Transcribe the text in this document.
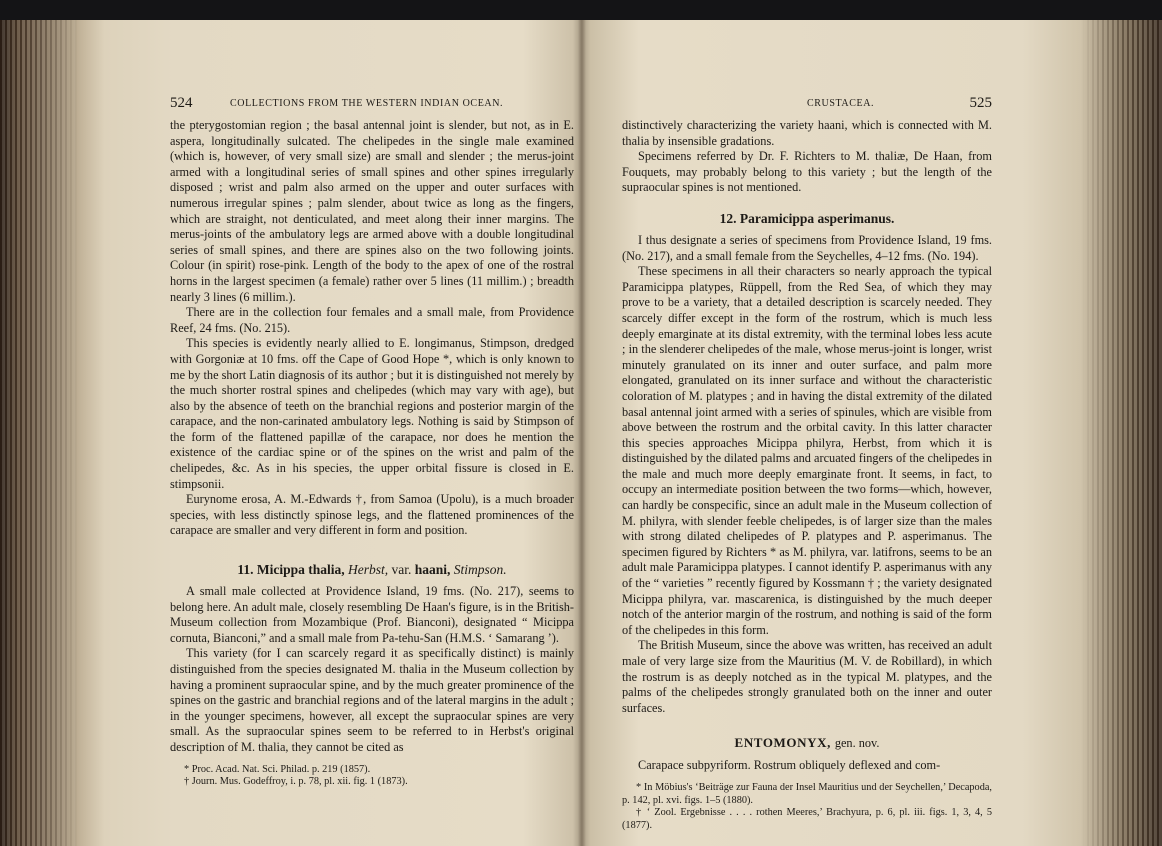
524	COLLECTIONS FROM THE WESTERN INDIAN OCEAN.

the pterygostomian region ; the basal antennal joint is slender, but not, as in E. aspera, longitudinally sulcated. The chelipedes in the single male examined (which is, however, of very small size) are small and slender ; the merus-joint armed with a longitudinal series of small spines and other spines irregularly disposed ; wrist and palm also armed on the upper and outer surfaces with numerous irregular spines ; palm slender, about twice as long as the fingers, which are straight, not denticulated, and meet along their inner margins. The merus-joints of the ambulatory legs are armed above with a double longitudinal series of small spines, and there are spines also on the two following joints. Colour (in spirit) rose-pink. Length of the body to the apex of one of the rostral horns in the largest specimen (a female) rather over 5 lines (11 millim.) ; breadth nearly 3 lines (6 millim.).

There are in the collection four females and a small male, from Providence Reef, 24 fms. (No. 215).

This species is evidently nearly allied to E. longimanus, Stimpson, dredged with Gorgoniæ at 10 fms. off the Cape of Good Hope *, which is only known to me by the short Latin diagnosis of its author ; but it is distinguished not merely by the much shorter rostral spines and chelipedes (which may vary with age), but also by the absence of teeth on the branchial regions and posterior margin of the carapace, and the non-carinated ambulatory legs. Nothing is said by Stimpson of the form of the flattened papillæ of the carapace, nor does he mention the existence of the cardiac spine or of the spines on the wrist and palm of the chelipedes, &c. As in his species, the upper orbital fissure is closed in E. stimpsonii.

Eurynome erosa, A. M.-Edwards †, from Samoa (Upolu), is a much broader species, with less distinctly spinose legs, and the flattened prominences of the carapace are smaller and very different in form and position.

11. Micippa thalia, Herbst, var. haani, Stimpson.

A small male collected at Providence Island, 19 fms. (No. 217), seems to belong here. An adult male, closely resembling De Haan's figure, is in the British-Museum collection from Mozambique (Prof. Bianconi), designated “ Micippa cornuta, Bianconi,” and a small male from Pa-tehu-San (H.M.S. ‘ Samarang ’).

This variety (for I can scarcely regard it as specifically distinct) is mainly distinguished from the species designated M. thalia in the Museum collection by having a prominent supraocular spine, and by the much greater prominence of the spines on the gastric and branchial regions and of the lateral margins in the adult ; in the younger specimens, however, all except the supraocular spines are very small. As the supraocular spines seem to be referred to in Herbst's original description of M. thalia, they cannot be cited as

* Proc. Acad. Nat. Sci. Philad. p. 219 (1857).

† Journ. Mus. Godeffroy, i. p. 78, pl. xii. fig. 1 (1873).

CRUSTACEA.	525

distinctively characterizing the variety haani, which is connected with M. thalia by insensible gradations.

Specimens referred by Dr. F. Richters to M. thaliæ, De Haan, from Fouquets, may probably belong to this variety ; but the length of the supraocular spines is not mentioned.

12. Paramicippa asperimanus.

I thus designate a series of specimens from Providence Island, 19 fms. (No. 217), and a small female from the Seychelles, 4–12 fms. (No. 194).

These specimens in all their characters so nearly approach the typical Paramicippa platypes, Rüppell, from the Red Sea, of which they may prove to be a variety, that a detailed description is scarcely needed. They scarcely differ except in the form of the rostrum, which is much less deeply emarginate at its distal extremity, with the terminal lobes less acute ; in the slenderer chelipedes of the male, whose merus-joint is longer, wrist minutely granulated on its inner and outer surface, and palm more elongated, granulated on its inner surface and without the characteristic coloration of M. platypes ; and in having the distal extremity of the dilated basal antennal joint armed with a series of spinules, which are visible from above between the rostrum and the orbital cavity. In this latter character this species approaches Micippa philyra, Herbst, from which it is distinguished by the dilated palms and arcuated fingers of the chelipedes in the male and much more deeply emarginate front. It seems, in fact, to occupy an intermediate position between the two forms—which, however, can hardly be conspecific, since an adult male in the Museum collection of M. philyra, with slender feeble chelipedes, is of larger size than the males with strong dilated chelipedes of P. platypes and P. asperimanus. The specimen figured by Richters * as M. philyra, var. latifrons, seems to be an adult male Paramicippa platypes. I cannot identify P. asperimanus with any of the “ varieties ” recently figured by Kossmann † ; the variety designated Micippa philyra, var. mascarenica, is distinguished by the much deeper notch of the anterior margin of the rostrum, and nothing is said of the form of the chelipedes in this form.

The British Museum, since the above was written, has received an adult male of very large size from the Mauritius (M. V. de Robillard), in which the rostrum is as deeply notched as in the typical M. platypes, and the palms of the chelipedes strongly granulated both on the inner and outer surfaces.

ENTOMONYX, gen. nov.

Carapace subpyriform. Rostrum obliquely deflexed and com-

* In Möbius's ‘Beiträge zur Fauna der Insel Mauritius und der Seychellen,’ Decapoda, p. 142, pl. xvi. figs. 1–5 (1880).

† ‘ Zool. Ergebnisse . . . . rothen Meeres,’ Brachyura, p. 6, pl. iii. figs. 1, 3, 4, 5 (1877).
